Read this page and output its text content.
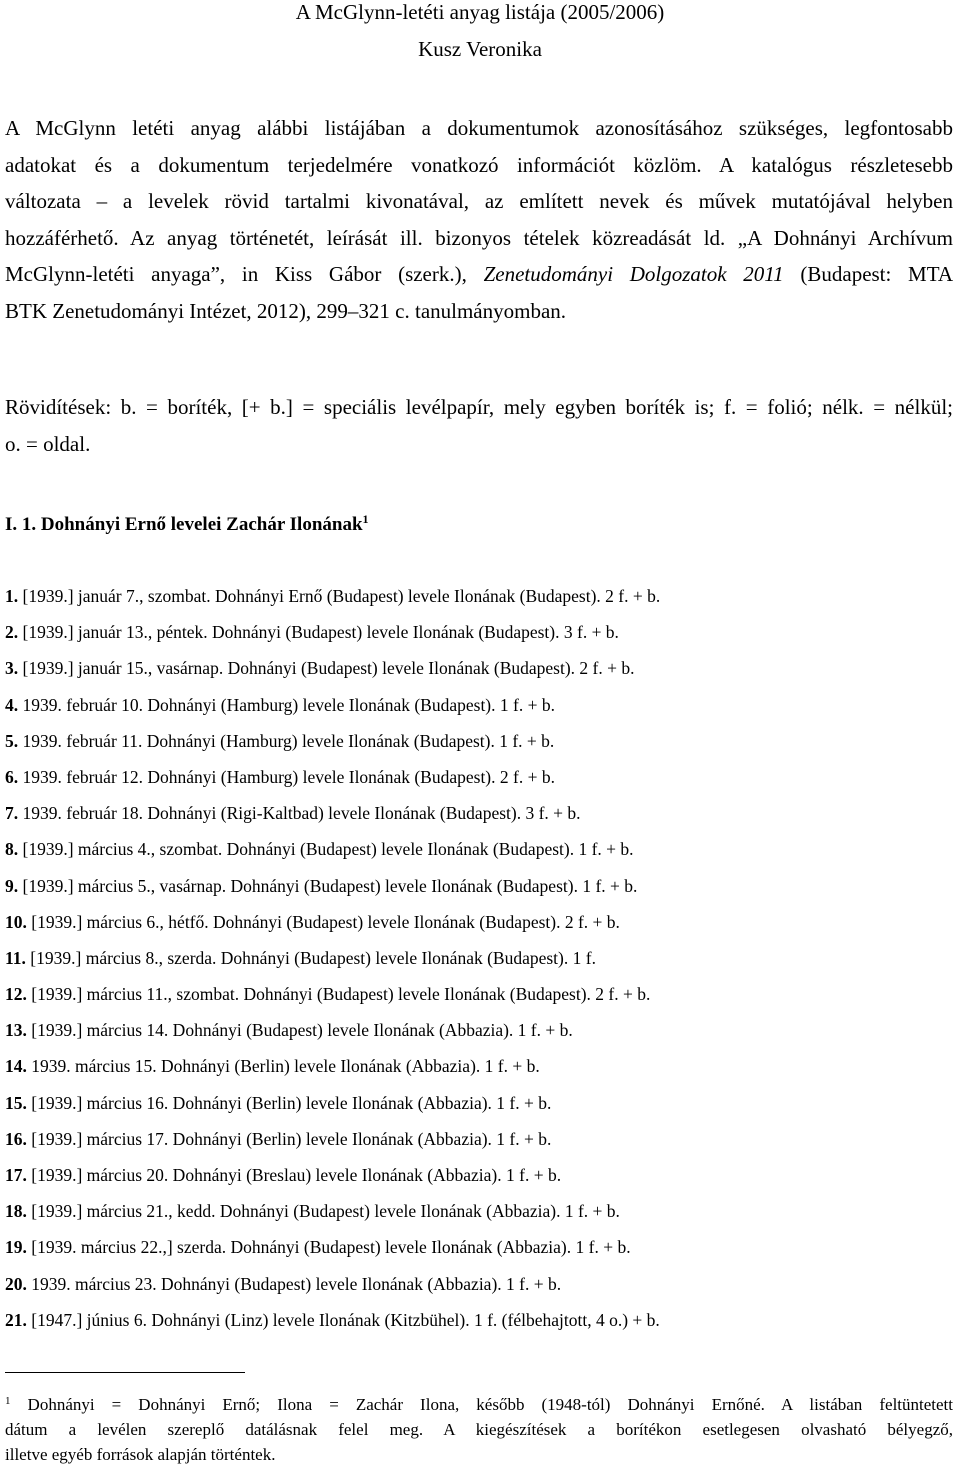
A McGlynn-letéti anyag listája (2005/2006)
Kusz Veronika
A McGlynn letéti anyag alábbi listájában a dokumentumok azonosításához szükséges, legfontosabb
adatokat és a dokumentum terjedelmére vonatkozó információt közlöm. A katalógus részletesebb
változata – a levelek rövid tartalmi kivonatával, az említett nevek és művek mutatójával helyben
hozzáférhető. Az anyag történetét, leírását ill. bizonyos tételek közreadását ld. „A Dohnányi Archívum
McGlynn-letéti anyaga”, in Kiss Gábor (szerk.), Zenetudományi Dolgozatok 2011 (Budapest: MTA
BTK Zenetudományi Intézet, 2012), 299–321 c. tanulmányomban.
Rövidítések: b. = boríték, [+ b.] = speciális levélpapír, mely egyben boríték is; f. = folió; nélk. = nélkül;
o. = oldal.
I. 1. Dohnányi Ernő levelei Zachár Ilonának$^1$
1. [1939.] január 7., szombat. Dohnányi Ernő (Budapest) levele Ilonának (Budapest). 2 f. + b.
2. [1939.] január 13., péntek. Dohnányi (Budapest) levele Ilonának (Budapest). 3 f. + b.
3. [1939.] január 15., vasárnap. Dohnányi (Budapest) levele Ilonának (Budapest). 2 f. + b.
4. 1939. február 10. Dohnányi (Hamburg) levele Ilonának (Budapest). 1 f. + b.
5. 1939. február 11. Dohnányi (Hamburg) levele Ilonának (Budapest). 1 f. + b.
6. 1939. február 12. Dohnányi (Hamburg) levele Ilonának (Budapest). 2 f. + b.
7. 1939. február 18. Dohnányi (Rigi-Kaltbad) levele Ilonának (Budapest). 3 f. + b.
8. [1939.] március 4., szombat. Dohnányi (Budapest) levele Ilonának (Budapest). 1 f. + b.
9. [1939.] március 5., vasárnap. Dohnányi (Budapest) levele Ilonának (Budapest). 1 f. + b.
10. [1939.] március 6., hétfő. Dohnányi (Budapest) levele Ilonának (Budapest). 2 f. + b.
11. [1939.] március 8., szerda. Dohnányi (Budapest) levele Ilonának (Budapest). 1 f.
12. [1939.] március 11., szombat. Dohnányi (Budapest) levele Ilonának (Budapest). 2 f. + b.
13. [1939.] március 14. Dohnányi (Budapest) levele Ilonának (Abbazia). 1 f. + b.
14. 1939. március 15. Dohnányi (Berlin) levele Ilonának (Abbazia). 1 f. + b.
15. [1939.] március 16. Dohnányi (Berlin) levele Ilonának (Abbazia). 1 f. + b.
16. [1939.] március 17. Dohnányi (Berlin) levele Ilonának (Abbazia). 1 f. + b.
17. [1939.] március 20. Dohnányi (Breslau) levele Ilonának (Abbazia). 1 f. + b.
18. [1939.] március 21., kedd. Dohnányi (Budapest) levele Ilonának (Abbazia). 1 f. + b.
19. [1939. március 22.,] szerda. Dohnányi (Budapest) levele Ilonának (Abbazia). 1 f. + b.
20. 1939. március 23. Dohnányi (Budapest) levele Ilonának (Abbazia). 1 f. + b.
21. [1947.] június 6. Dohnányi (Linz) levele Ilonának (Kitzbühel). 1 f. (félbehajtott, 4 o.) + b.
$^1$ Dohnányi = Dohnányi Ernő; Ilona = Zachár Ilona, később (1948-tól) Dohnányi Ernőné. A listában feltüntetett
dátum a levélen szereplő datálásnak felel meg. A kiegészítések a borítékon esetlegesen olvasható bélyegző,
illetve egyéb források alapján történtek.
